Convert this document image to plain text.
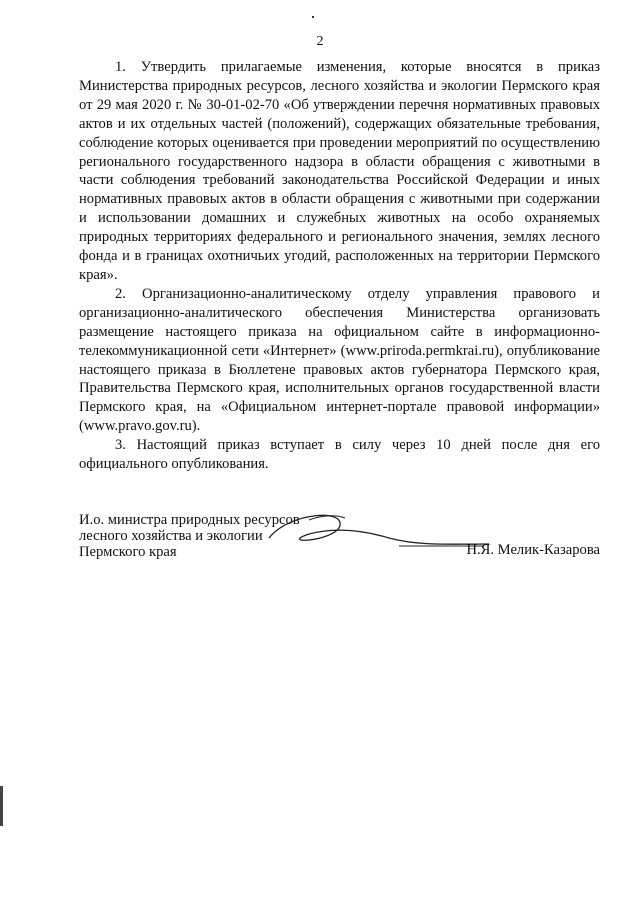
2

1. Утвердить прилагаемые изменения, которые вносятся в приказ Министерства природных ресурсов, лесного хозяйства и экологии Пермского края от 29 мая 2020 г. № 30-01-02-70 «Об утверждении перечня нормативных правовых актов и их отдельных частей (положений), содержащих обязательные требования, соблюдение которых оценивается при проведении мероприятий по осуществлению регионального государственного надзора в области обращения с животными в части соблюдения требований законодательства Российской Федерации и иных нормативных правовых актов в области обращения с животными при содержании и использовании домашних и служебных животных на особо охраняемых природных территориях федерального и регионального значения, землях лесного фонда и в границах охотничьих угодий, расположенных на территории Пермского края».

2. Организационно-аналитическому отделу управления правового и организационно-аналитического обеспечения Министерства организовать размещение настоящего приказа на официальном сайте в информационно-телекоммуникационной сети «Интернет» (www.priroda.permkrai.ru), опубликование настоящего приказа в Бюллетене правовых актов губернатора Пермского края, Правительства Пермского края, исполнительных органов государственной власти Пермского края, на «Официальном интернет-портале правовой информации» (www.pravo.gov.ru).

3. Настоящий приказ вступает в силу через 10 дней после дня его официального опубликования.

И.о. министра природных ресурсов
лесного хозяйства и экологии
Пермского края	Н.Я. Мелик-Казарова
